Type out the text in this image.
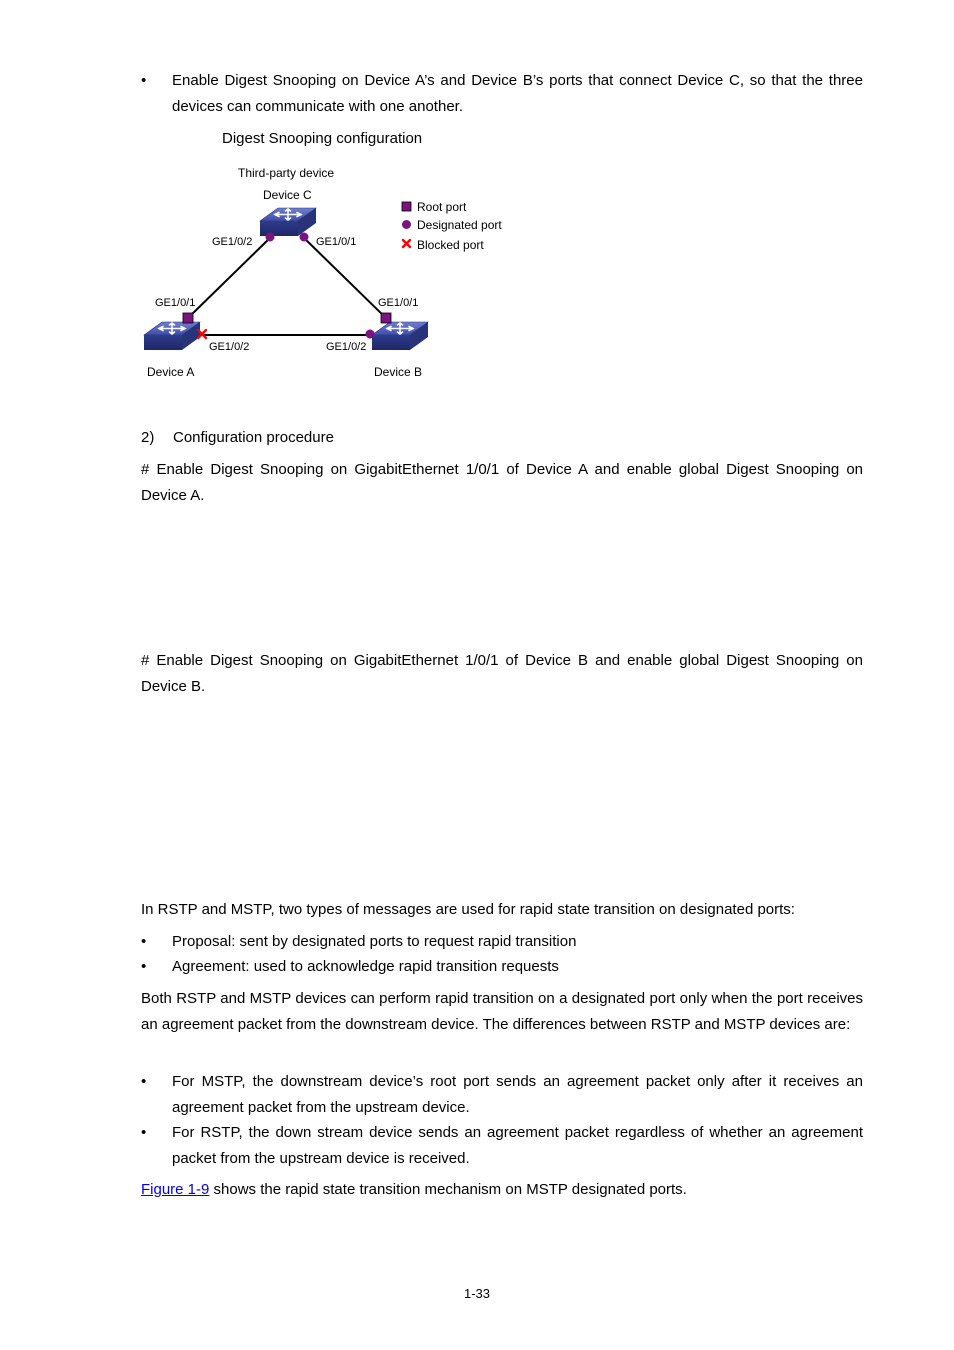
• Enable Digest Snooping on Device A’s and Device B’s ports that connect Device C, so that the three devices can communicate with one another.
Digest Snooping configuration
Third-party device
Device C
GE1/0/2	GE1/0/1
GE1/0/1	GE1/0/1
GE1/0/2	GE1/0/2
Device A	Device B
Root port
Designated port
Blocked port
2) Configuration procedure
# Enable Digest Snooping on GigabitEthernet 1/0/1 of Device A and enable global Digest Snooping on Device A.
# Enable Digest Snooping on GigabitEthernet 1/0/1 of Device B and enable global Digest Snooping on Device B.
In RSTP and MSTP, two types of messages are used for rapid state transition on designated ports:
• Proposal: sent by designated ports to request rapid transition
• Agreement: used to acknowledge rapid transition requests
Both RSTP and MSTP devices can perform rapid transition on a designated port only when the port receives an agreement packet from the downstream device. The differences between RSTP and MSTP devices are:
• For MSTP, the downstream device’s root port sends an agreement packet only after it receives an agreement packet from the upstream device.
• For RSTP, the down stream device sends an agreement packet regardless of whether an agreement packet from the upstream device is received.
Figure 1-9 shows the rapid state transition mechanism on MSTP designated ports.
1-33
